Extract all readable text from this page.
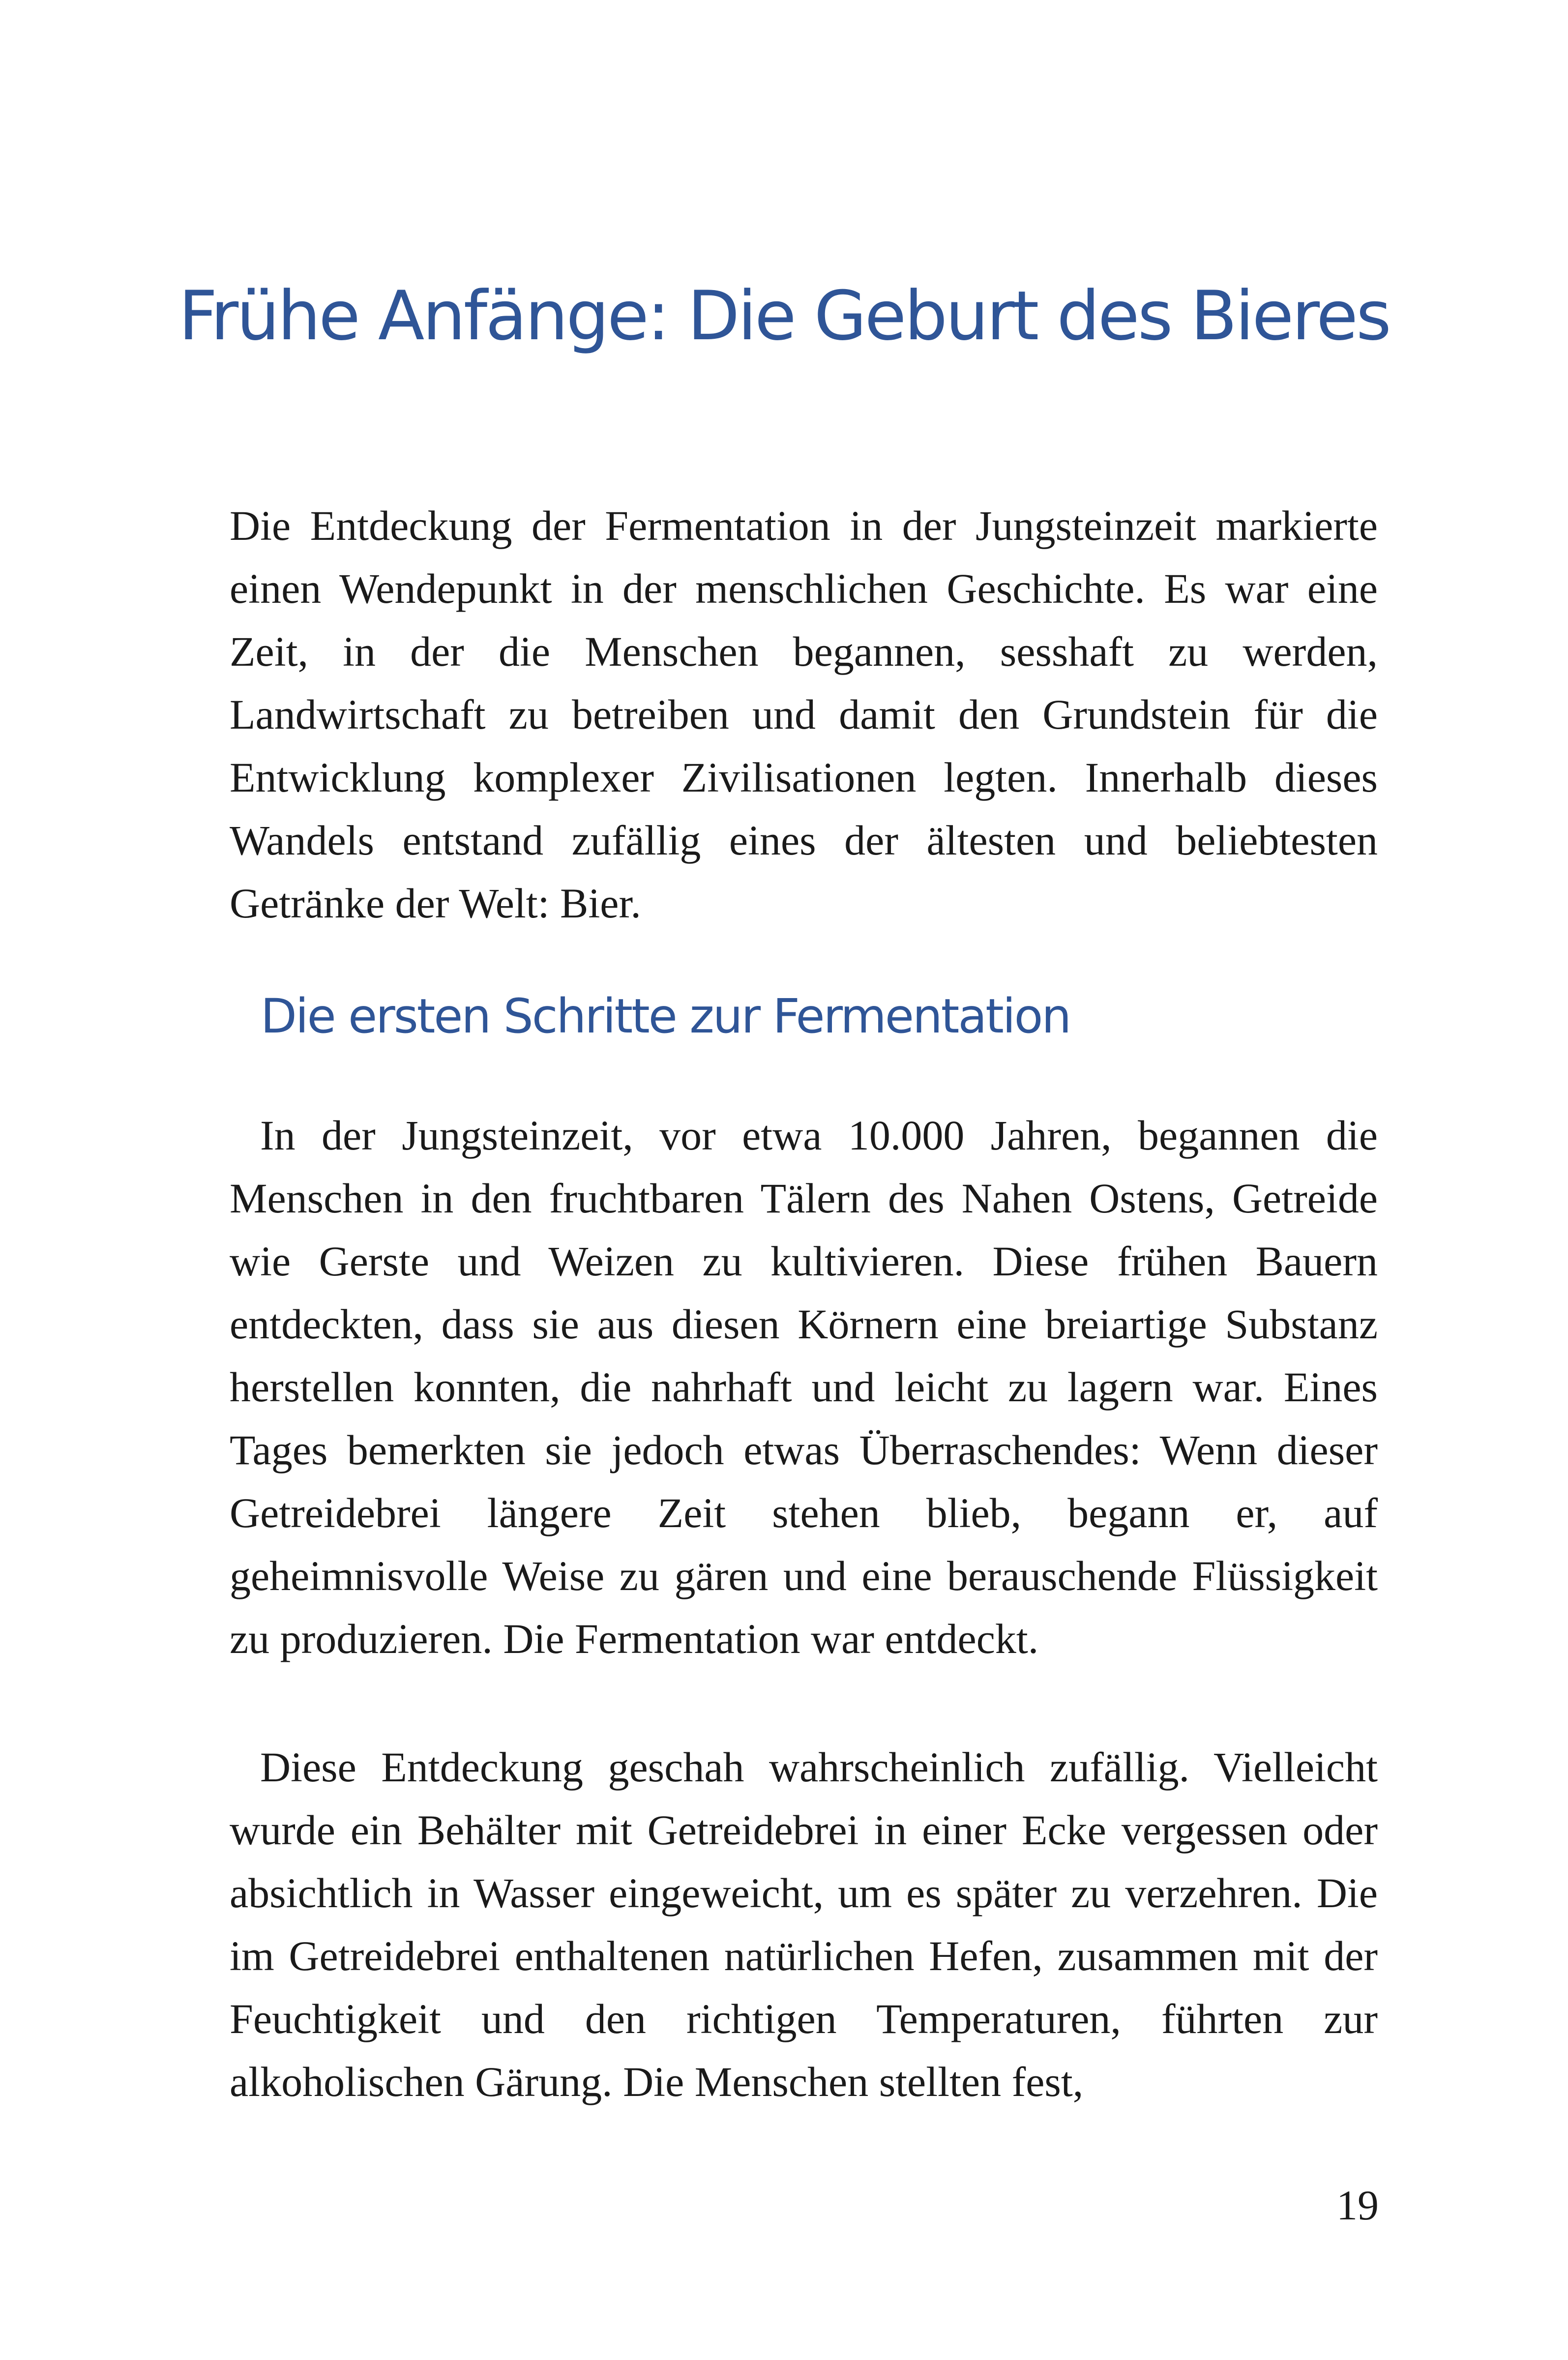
Frühe Anfänge: Die Geburt des Bieres

Die Entdeckung der Fermentation in der Jungsteinzeit markierte einen Wendepunkt in der menschlichen Geschichte. Es war eine Zeit, in der die Menschen begannen, sesshaft zu werden, Landwirtschaft zu betreiben und damit den Grundstein für die Entwicklung komplexer Zivilisationen legten. Innerhalb dieses Wandels entstand zufällig eines der ältesten und beliebtesten Getränke der Welt: Bier.

Die ersten Schritte zur Fermentation

In der Jungsteinzeit, vor etwa 10.000 Jahren, begannen die Menschen in den fruchtbaren Tälern des Nahen Ostens, Getreide wie Gerste und Weizen zu kultivieren. Diese frühen Bauern entdeckten, dass sie aus diesen Körnern eine breiartige Substanz herstellen konnten, die nahrhaft und leicht zu lagern war. Eines Tages bemerkten sie jedoch etwas Überraschendes: Wenn dieser Getreidebrei längere Zeit stehen blieb, begann er, auf geheimnisvolle Weise zu gären und eine berauschende Flüssigkeit zu produzieren. Die Fermentation war entdeckt.

Diese Entdeckung geschah wahrscheinlich zufällig. Vielleicht wurde ein Behälter mit Getreidebrei in einer Ecke vergessen oder absichtlich in Wasser eingeweicht, um es später zu verzehren. Die im Getreidebrei enthaltenen natürlichen Hefen, zusammen mit der Feuchtigkeit und den richtigen Temperaturen, führten zur alkoholischen Gärung. Die Menschen stellten fest,

19
